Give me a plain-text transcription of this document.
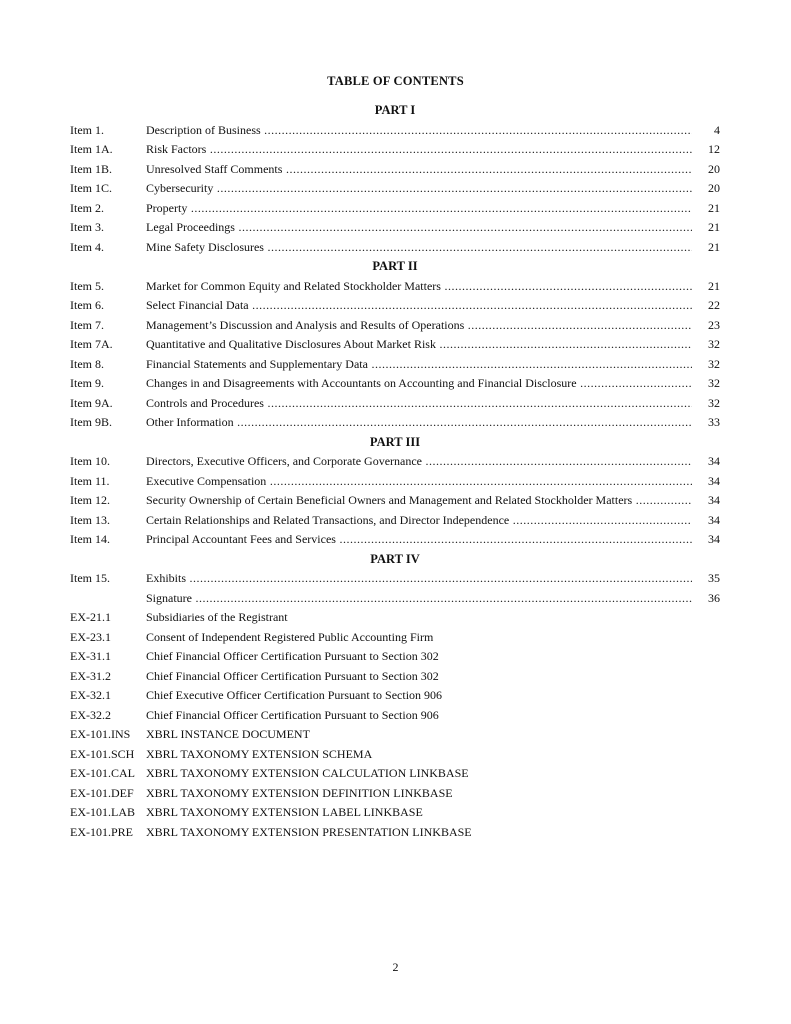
TABLE OF CONTENTS
PART I
Item 1.	Description of Business .....	4
Item 1A.	Risk Factors .....	12
Item 1B.	Unresolved Staff Comments .....	20
Item 1C.	Cybersecurity .....	20
Item 2.	Property .....	21
Item 3.	Legal Proceedings .....	21
Item 4.	Mine Safety Disclosures .....	21
PART II
Item 5.	Market for Common Equity and Related Stockholder Matters .....	21
Item 6.	Select Financial Data .....	22
Item 7.	Management’s Discussion and Analysis and Results of Operations .....	23
Item 7A.	Quantitative and Qualitative Disclosures About Market Risk .....	32
Item 8.	Financial Statements and Supplementary Data .....	32
Item 9.	Changes in and Disagreements with Accountants on Accounting and Financial Disclosure .....	32
Item 9A.	Controls and Procedures .....	32
Item 9B.	Other Information .....	33
PART III
Item 10.	Directors, Executive Officers, and Corporate Governance .....	34
Item 11.	Executive Compensation .....	34
Item 12.	Security Ownership of Certain Beneficial Owners and Management and Related Stockholder Matters .....	34
Item 13.	Certain Relationships and Related Transactions, and Director Independence .....	34
Item 14.	Principal Accountant Fees and Services .....	34
PART IV
Item 15.	Exhibits .....	35
Signature .....	36
EX-21.1	Subsidiaries of the Registrant
EX-23.1	Consent of Independent Registered Public Accounting Firm
EX-31.1	Chief Financial Officer Certification Pursuant to Section 302
EX-31.2	Chief Financial Officer Certification Pursuant to Section 302
EX-32.1	Chief Executive Officer Certification Pursuant to Section 906
EX-32.2	Chief Financial Officer Certification Pursuant to Section 906
EX-101.INS	XBRL INSTANCE DOCUMENT
EX-101.SCH XBRL TAXONOMY EXTENSION SCHEMA
EX-101.CAL XBRL TAXONOMY EXTENSION CALCULATION LINKBASE
EX-101.DEF	XBRL TAXONOMY EXTENSION DEFINITION LINKBASE
EX-101.LAB XBRL TAXONOMY EXTENSION LABEL LINKBASE
EX-101.PRE	XBRL TAXONOMY EXTENSION PRESENTATION LINKBASE
2
